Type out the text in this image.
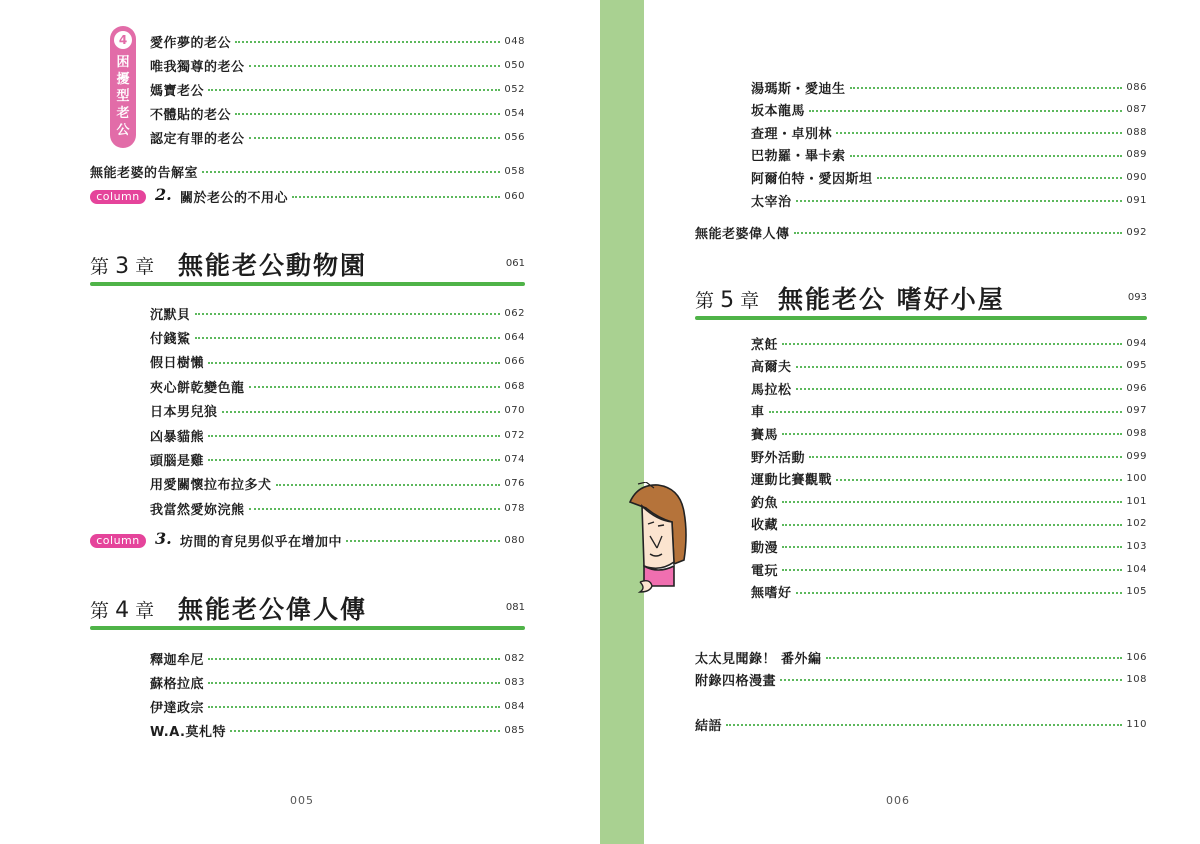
4
困擾型老公
愛作夢的老公	048
唯我獨尊的老公	050
媽寶老公	052
不體貼的老公	054
認定有罪的老公	056
無能老婆的告解室	058
column 2. 關於老公的不用心	060
第 3 章 無能老公動物園	061
沉默貝	062
付錢鯊	064
假日樹懶	066
夾心餅乾變色龍	068
日本男兒狼	070
凶暴貓熊	072
頭腦是雞	074
用愛關懷拉布拉多犬	076
我當然愛妳浣熊	078
column 3. 坊間的育兒男似乎在增加中	080
第 4 章 無能老公偉人傳	081
釋迦牟尼	082
蘇格拉底	083
伊達政宗	084
W.A.莫札特	085
005
湯瑪斯・愛迪生	086
坂本龍馬	087
查理・卓別林	088
巴勃羅・畢卡索	089
阿爾伯特・愛因斯坦	090
太宰治	091
無能老婆偉人傳	092
第 5 章 無能老公 嗜好小屋	093
烹飪	094
高爾夫	095
馬拉松	096
車	097
賽馬	098
野外活動	099
運動比賽觀戰	100
釣魚	101
收藏	102
動漫	103
電玩	104
無嗜好	105
太太見聞錄！ 番外編	106
附錄四格漫畫	108
結語	110
006
